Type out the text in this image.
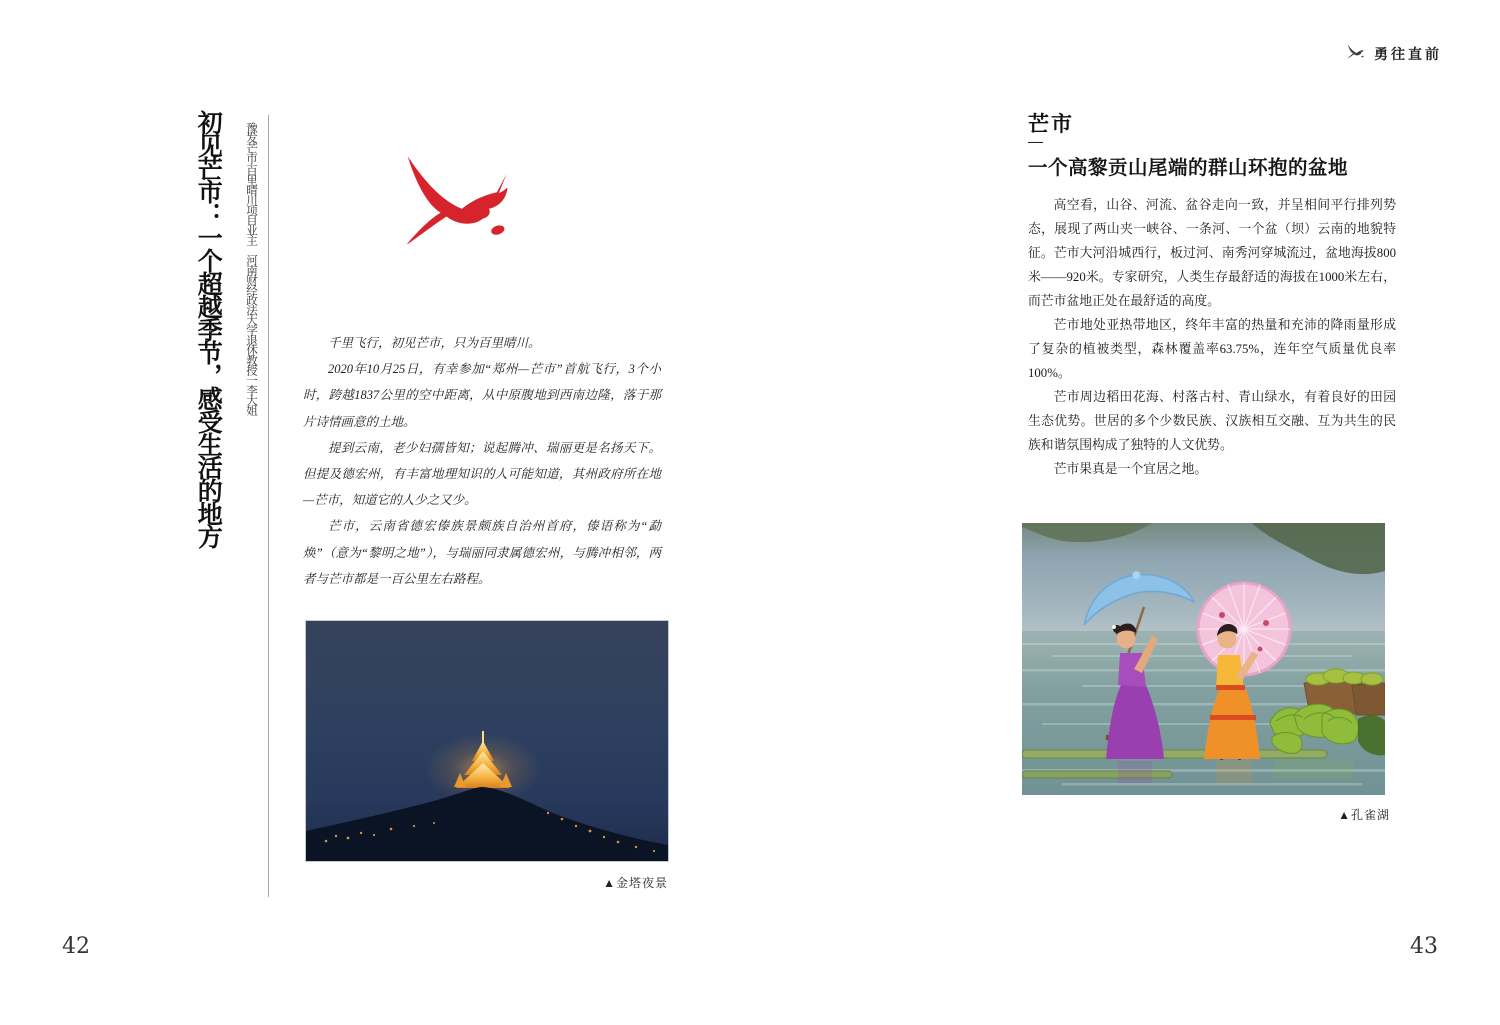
勇往直前
初见芒市：一个超越季节，感受生活的地方 豫发芒市·百里晴川项目业主　河南财经政法大学退休教授一李大姐	千里飞行，初见芒市，只为百里晴川。

2020年10月25日，有幸参加“郑州—芒市”首航飞行，3个小时，跨越1837公里的空中距离，从中原腹地到西南边隆，落于那片诗情画意的土地。

提到云南，老少妇孺皆知；说起腾冲、瑞丽更是名扬天下。但提及德宏州，有丰富地理知识的人可能知道，其州政府所在地—芒市，知道它的人少之又少。

芒市，云南省德宏傣族景颇族自治州首府，傣语称为“勐焕”（意为“黎明之地”），与瑞丽同隶属德宏州，与腾冲相邻，两者与芒市都是一百公里左右路程。

▲金塔夜景
42
芒市
—
一个高黎贡山尾端的群山环抱的盆地

高空看，山谷、河流、盆谷走向一致，并呈相间平行排列势态，展现了两山夹一峡谷、一条河、一个盆（坝）云南的地貌特征。芒市大河沿城西行，板过河、南秀河穿城流过，盆地海拔800米——920米。专家研究，人类生存最舒适的海拔在1000米左右，而芒市盆地正处在最舒适的高度。

芒市地处亚热带地区，终年丰富的热量和充沛的降雨量形成了复杂的植被类型，森林覆盖率63.75%，连年空气质量优良率100%。

芒市周边稻田花海、村落古村、青山绿水，有着良好的田园生态优势。世居的多个少数民族、汉族相互交融、互为共生的民族和谐氛围构成了独特的人文优势。

芒市果真是一个宜居之地。

▲孔雀湖
43
